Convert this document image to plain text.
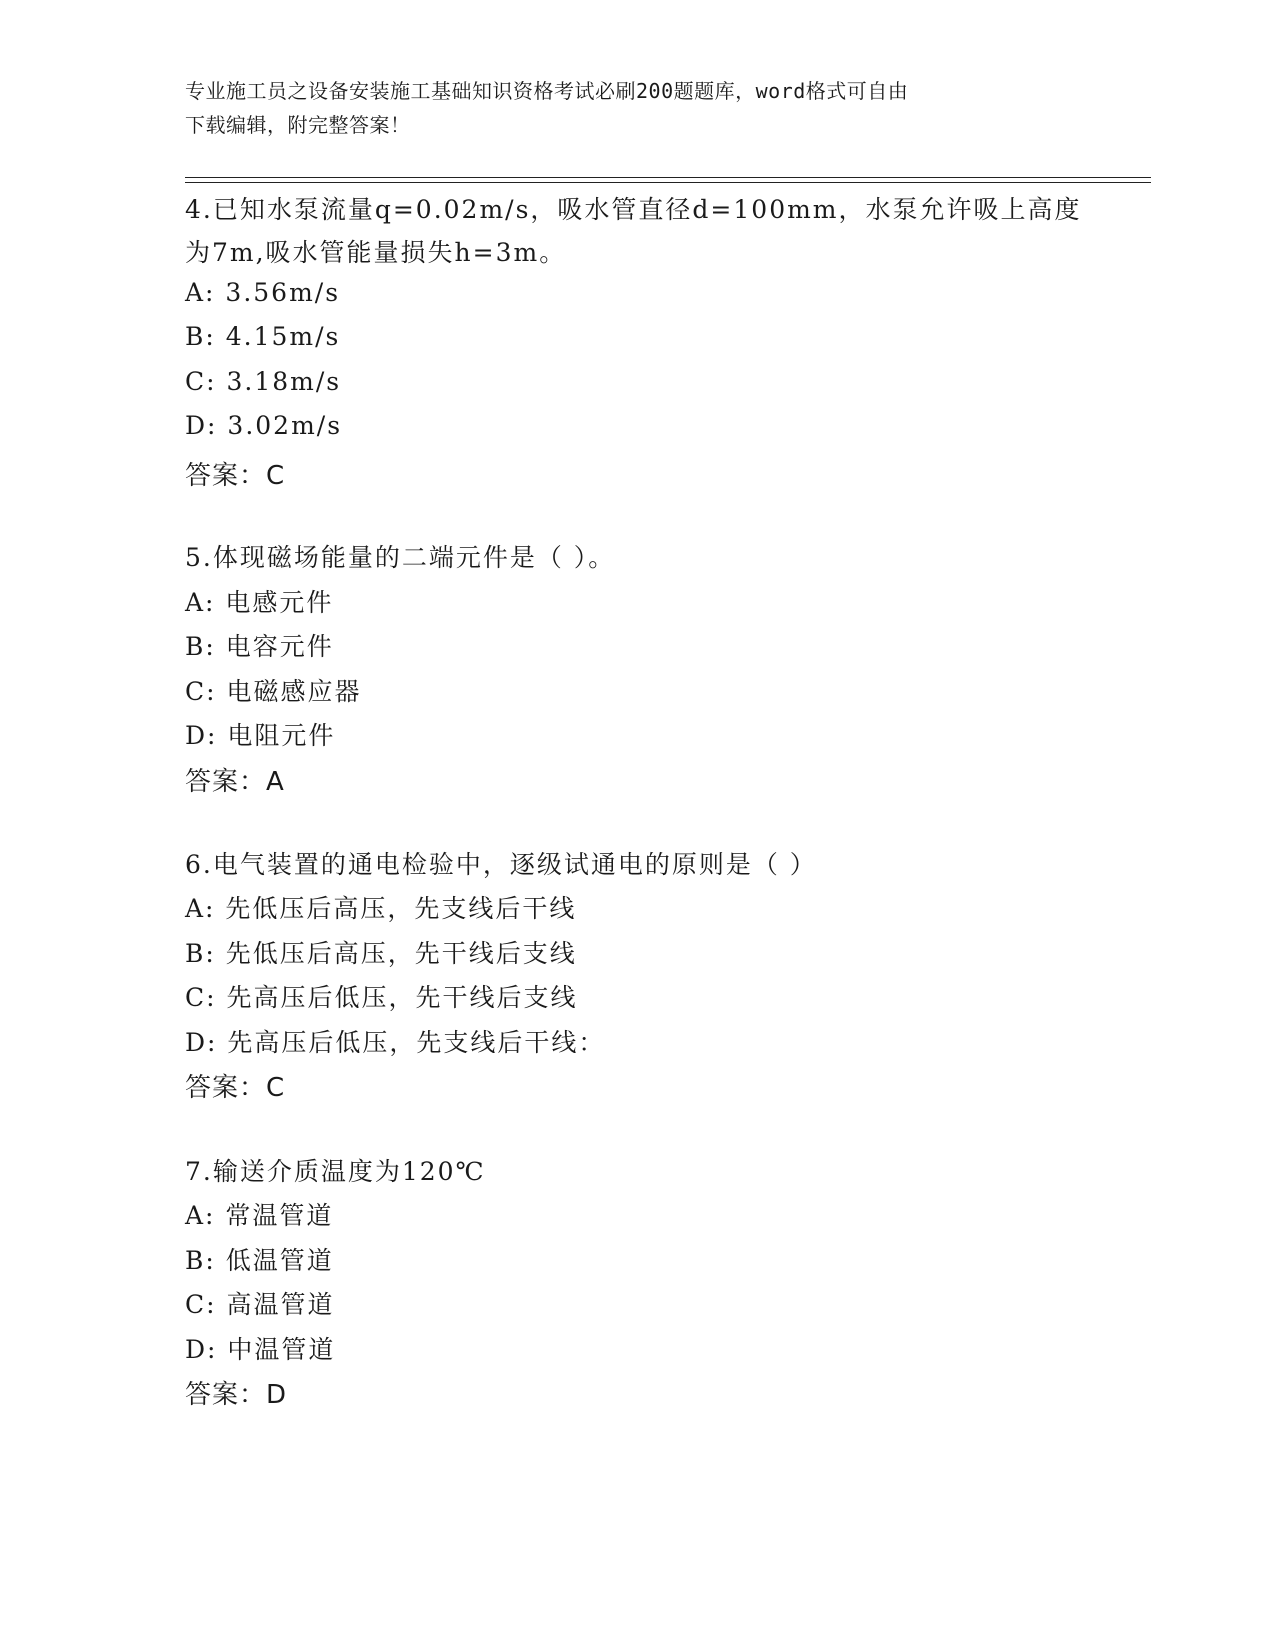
专业施工员之设备安装施工基础知识资格考试必刷200题题库，word格式可自由
下载编辑，附完整答案！
4.已知水泵流量q=0.02m/s，吸水管直径d=100mm，水泵允许吸上高度
为7m,吸水管能量损失h=3m。
A: 3.56m/s
B: 4.15m/s
C: 3.18m/s
D: 3.02m/s
答案：C
5.体现磁场能量的二端元件是（ ）。
A: 电感元件
B: 电容元件
C: 电磁感应器
D: 电阻元件
答案：A
6.电气装置的通电检验中，逐级试通电的原则是（ ）
A: 先低压后高压，先支线后干线
B: 先低压后高压，先干线后支线
C: 先高压后低压，先干线后支线
D: 先高压后低压，先支线后干线：
答案：C
7.输送介质温度为120℃
A: 常温管道
B: 低温管道
C: 高温管道
D: 中温管道
答案：D
